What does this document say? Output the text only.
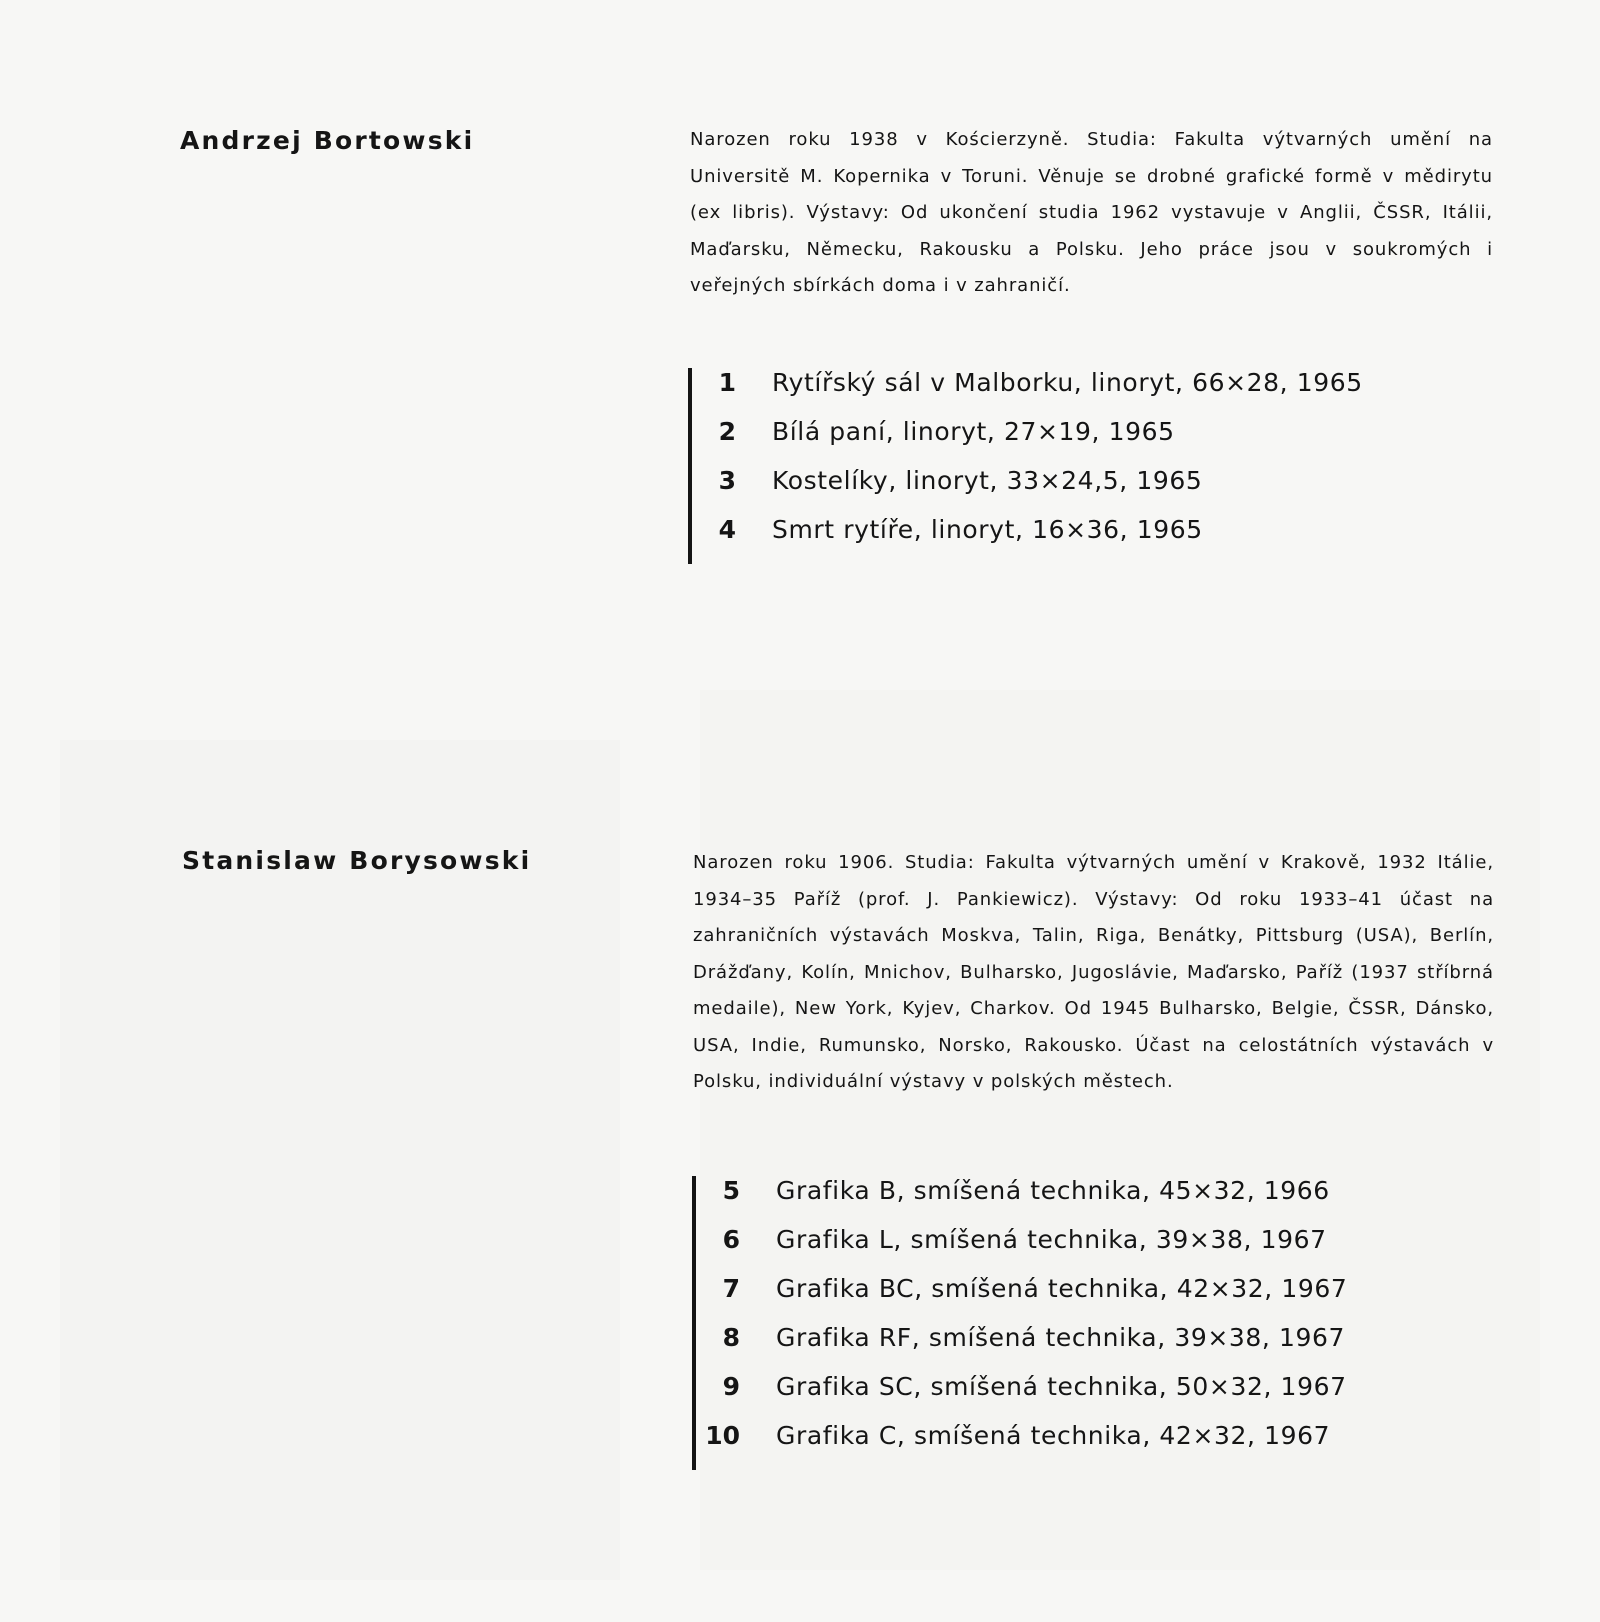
Andrzej Bortowski	Narozen roku 1938 v Kościerzyně. Studia: Fakulta výtvarných umění na Universitě M. Kopernika v Toruni. Věnuje se drobné grafické formě v mědirytu (ex libris). Výstavy: Od ukončení studia 1962 vystavuje v Anglii, ČSSR, Itálii, Maďarsku, Německu, Rakousku a Polsku. Jeho práce jsou v soukromých i veřejných sbírkách doma i v zahraničí.

1	Rytířský sál v Malborku, linoryt, 66×28, 1965
2	Bílá paní, linoryt, 27×19, 1965
3	Kostelíky, linoryt, 33×24,5, 1965
4	Smrt rytíře, linoryt, 16×36, 1965
Stanislaw Borysowski	Narozen roku 1906. Studia: Fakulta výtvarných umění v Krakově, 1932 Itálie, 1934–35 Paříž (prof. J. Pankiewicz). Výstavy: Od roku 1933–41 účast na zahraničních výstavách Moskva, Talin, Riga, Benátky, Pittsburg (USA), Berlín, Drážďany, Kolín, Mnichov, Bulharsko, Jugoslávie, Maďarsko, Paříž (1937 stříbrná medaile), New York, Kyjev, Charkov. Od 1945 Bulharsko, Belgie, ČSSR, Dánsko, USA, Indie, Rumunsko, Norsko, Rakousko. Účast na celostátních výstavách v Polsku, individuální výstavy v polských městech.

5	Grafika B, smíšená technika, 45×32, 1966
6	Grafika L, smíšená technika, 39×38, 1967
7	Grafika BC, smíšená technika, 42×32, 1967
8	Grafika RF, smíšená technika, 39×38, 1967
9	Grafika SC, smíšená technika, 50×32, 1967
10	Grafika C, smíšená technika, 42×32, 1967
